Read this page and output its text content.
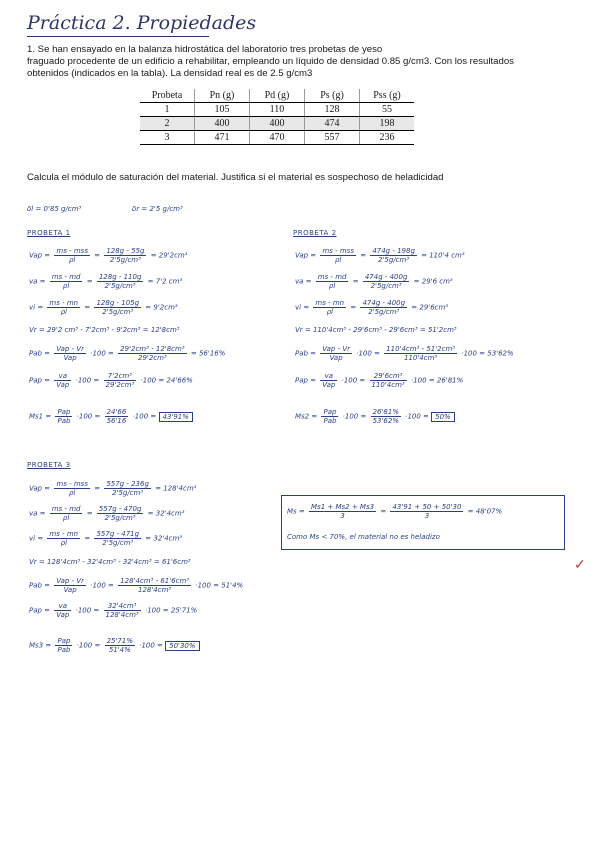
Práctica 2. Propiedades

1. Se han ensayado en la balanza hidrostática del laboratorio tres probetas de yeso

fraguado procedente de un edificio a rehabilitar, empleando un líquido de densidad 0.85 g/cm3. Con los resultados

obtenidos (indicados en la tabla). La densidad real es de 2.5 g/cm3

Probeta	Pn (g)	Pd (g)	Ps (g)	Pss (g)
1	105	110	128	55
2	400	400	474	198
3	471	470	557	236
Calcula el módulo de saturación del material. Justifica si el material es sospechoso de heladicidad
δl = 0'85 g/cm³	δr = 2'5 g/cm³
PROBETA 1
Vap = $\frac{\text{ms - mss}}{\rho l} = \frac{128g - 55g}{\text{2'5g/cm³}} = 29'2cm^3$
va = $\frac{ms - md}{\rho l} = \frac{128g - 110g}{\text{2'5g/cm³}} = 7'2$ cm³
vi = $\frac{ms - mn}{\rho l} = \frac{128g - 105g}{\text{2'5g/cm³}} = 9'2cm^3$
Vr = 29'2 cm³ - 7'2cm³ - 9'2cm³ = 12'8cm³
Pab = $\frac{\text{Vap - Vr}}{\text{Vap}} \cdot 100 = \frac{\text{29'2cm³ - 12'8cm³}}{\text{29'2cm³}} = 56'16\%$
Pap = $\frac{va}{\text{Vap}} \cdot 100 = \frac{\text{7'2cm³}}{\text{29'2cm³}} \cdot 100 = 24'66\%$
$Ms1 = \frac{\text{Pap}}{\text{Pab}} \cdot 100 = \frac{24'66}{56'16} \cdot 100 = 43'91\%$
PROBETA 2
Vap = $\frac{\text{ms - mss}}{\rho l} = \frac{474g - 198g}{\text{2'5g/cm³}} = 110'4$ cm³
va = $\frac{ms - md}{\rho l} = \frac{474g - 400g}{\text{2'5g/cm³}} = 29'6$ cm³
vi = $\frac{ms - mn}{\rho l} = \frac{474g - 400g}{\text{2'5g/cm³}} = 29'6cm^3$
Vr = 110'4cm³ - 29'6cm³ - 29'6cm³ = 51'2cm³
Pab = $\frac{\text{Vap - Vr}}{\text{Vap}} \cdot 100 = \frac{\text{110'4cm³ - 51'2cm³}}{\text{110'4cm³}} \cdot 100 = 53'62\%$
Pap = $\frac{va}{\text{Vap}} \cdot 100 = \frac{\text{29'6cm³}}{\text{110'4cm³}} \cdot 100 = 26'81\%$
$Ms2 = \frac{\text{Pap}}{\text{Pab}} \cdot 100 = \frac{26'81\%}{53'62\%} \cdot 100 = 50\%$
PROBETA 3
Vap = $\frac{\text{ms - mss}}{\rho l} = \frac{557g - 236g}{\text{2'5g/cm³}} = 128'4cm^3$
va = $\frac{ms - md}{\rho l} = \frac{557g - 470g}{\text{2'5g/cm³}} = 32'4cm^3$
vi = $\frac{ms - mn}{\rho l} = \frac{557g - 471g}{\text{2'5g/cm³}} = 32'4cm^3$
Vr = 128'4cm³ - 32'4cm³ - 32'4cm³ = 61'6cm³
Pab = $\frac{\text{Vap - Vr}}{\text{Vap}} \cdot 100 = \frac{\text{128'4cm³ - 61'6cm³}}{\text{128'4cm³}} \cdot 100 = 51'4\%$
Pap = $\frac{va}{\text{Vap}} \cdot 100 = \frac{\text{32'4cm³}}{\text{128'4cm³}} \cdot 100 = 25'71\%$
$Ms3 = \frac{\text{Pap}}{\text{Pab}} \cdot 100 = \frac{25'71\%}{51'4\%} \cdot 100 = 50'30\%$
$Ms = \frac{Ms1 + Ms2 + Ms3}{3} = \frac{43'91 + 50 + 50'30}{3} = 48'07\%$
Como Ms < 70%, el material no es heladizo
✓
